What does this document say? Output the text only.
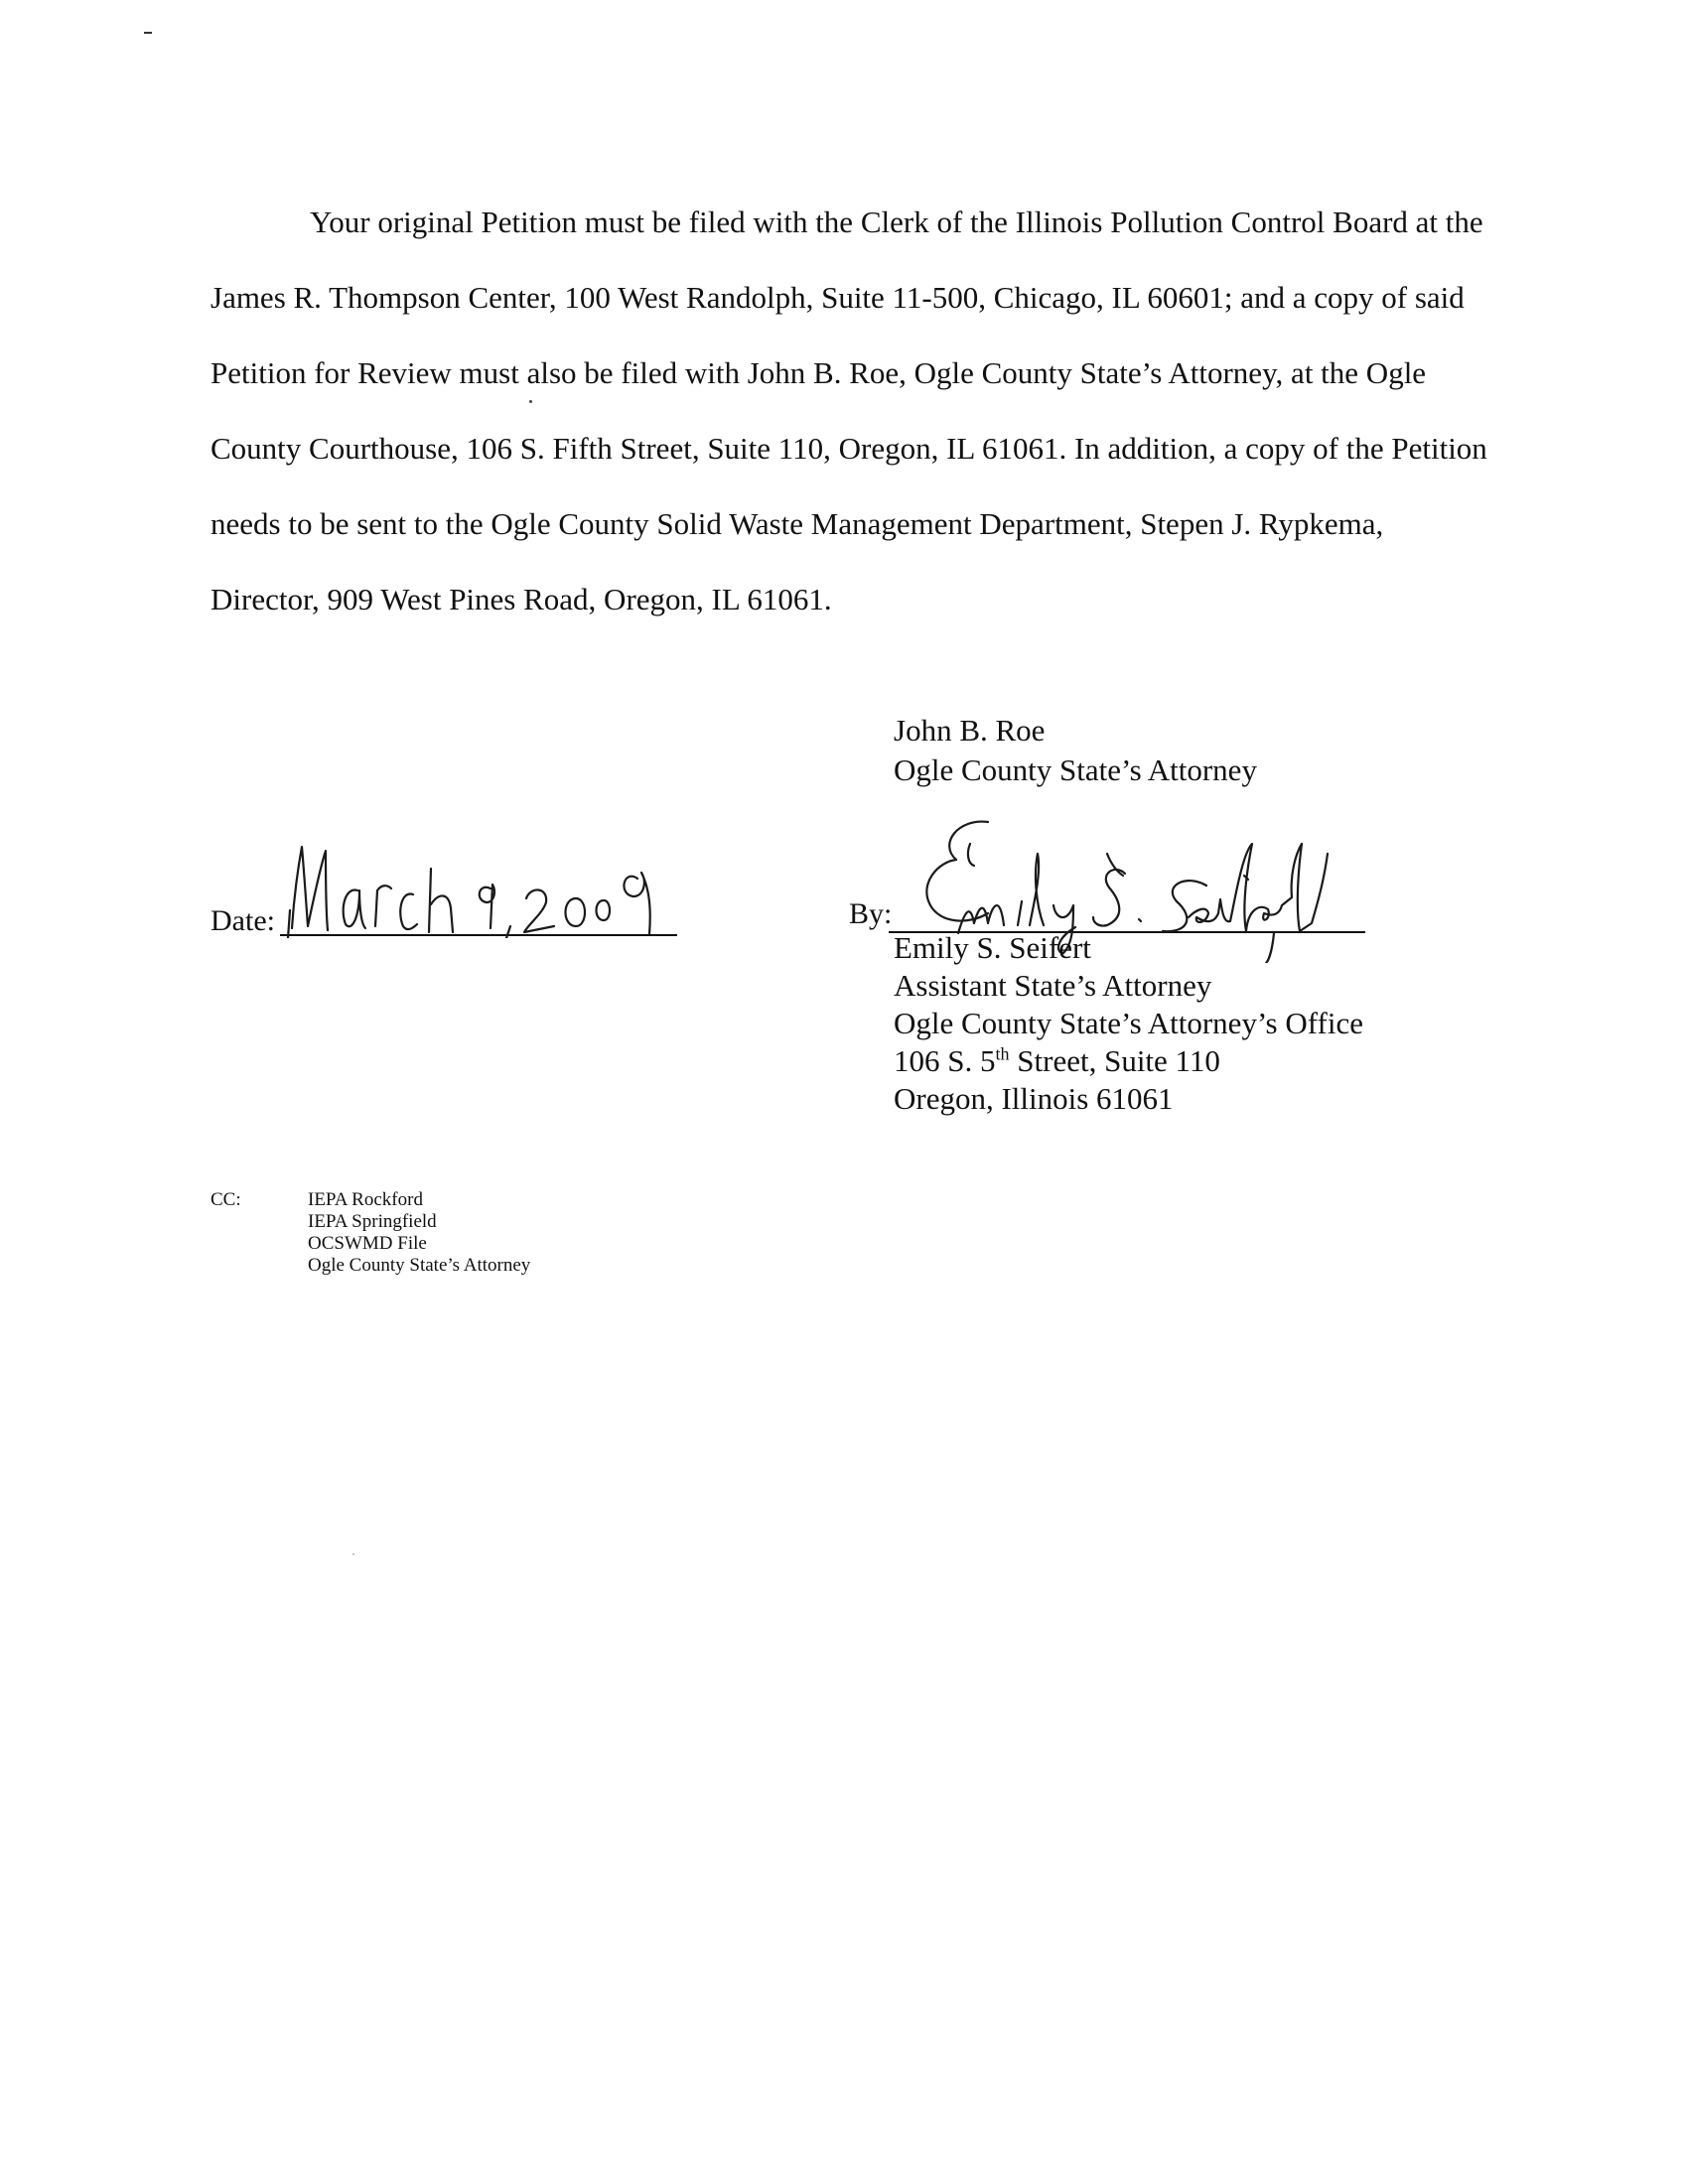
Your original Petition must be filed with the Clerk of the Illinois Pollution Control Board at the James R. Thompson Center, 100 West Randolph, Suite 11-500, Chicago, IL 60601; and a copy of said Petition for Review must also be filed with John B. Roe, Ogle County State’s Attorney, at the Ogle County Courthouse, 106 S. Fifth Street, Suite 110, Oregon, IL 61061. In addition, a copy of the Petition needs to be sent to the Ogle County Solid Waste Management Department, Stepen J. Rypkema, Director, 909 West Pines Road, Oregon, IL 61061.

John B. Roe
Ogle County State’s Attorney
Date:	By:
Emily S. Seifert
Assistant State’s Attorney
Ogle County State’s Attorney’s Office
106 S. 5th Street, Suite 110
Oregon, Illinois 61061
CC:	IEPA Rockford
IEPA Springfield
OCSWMD File
Ogle County State’s Attorney
